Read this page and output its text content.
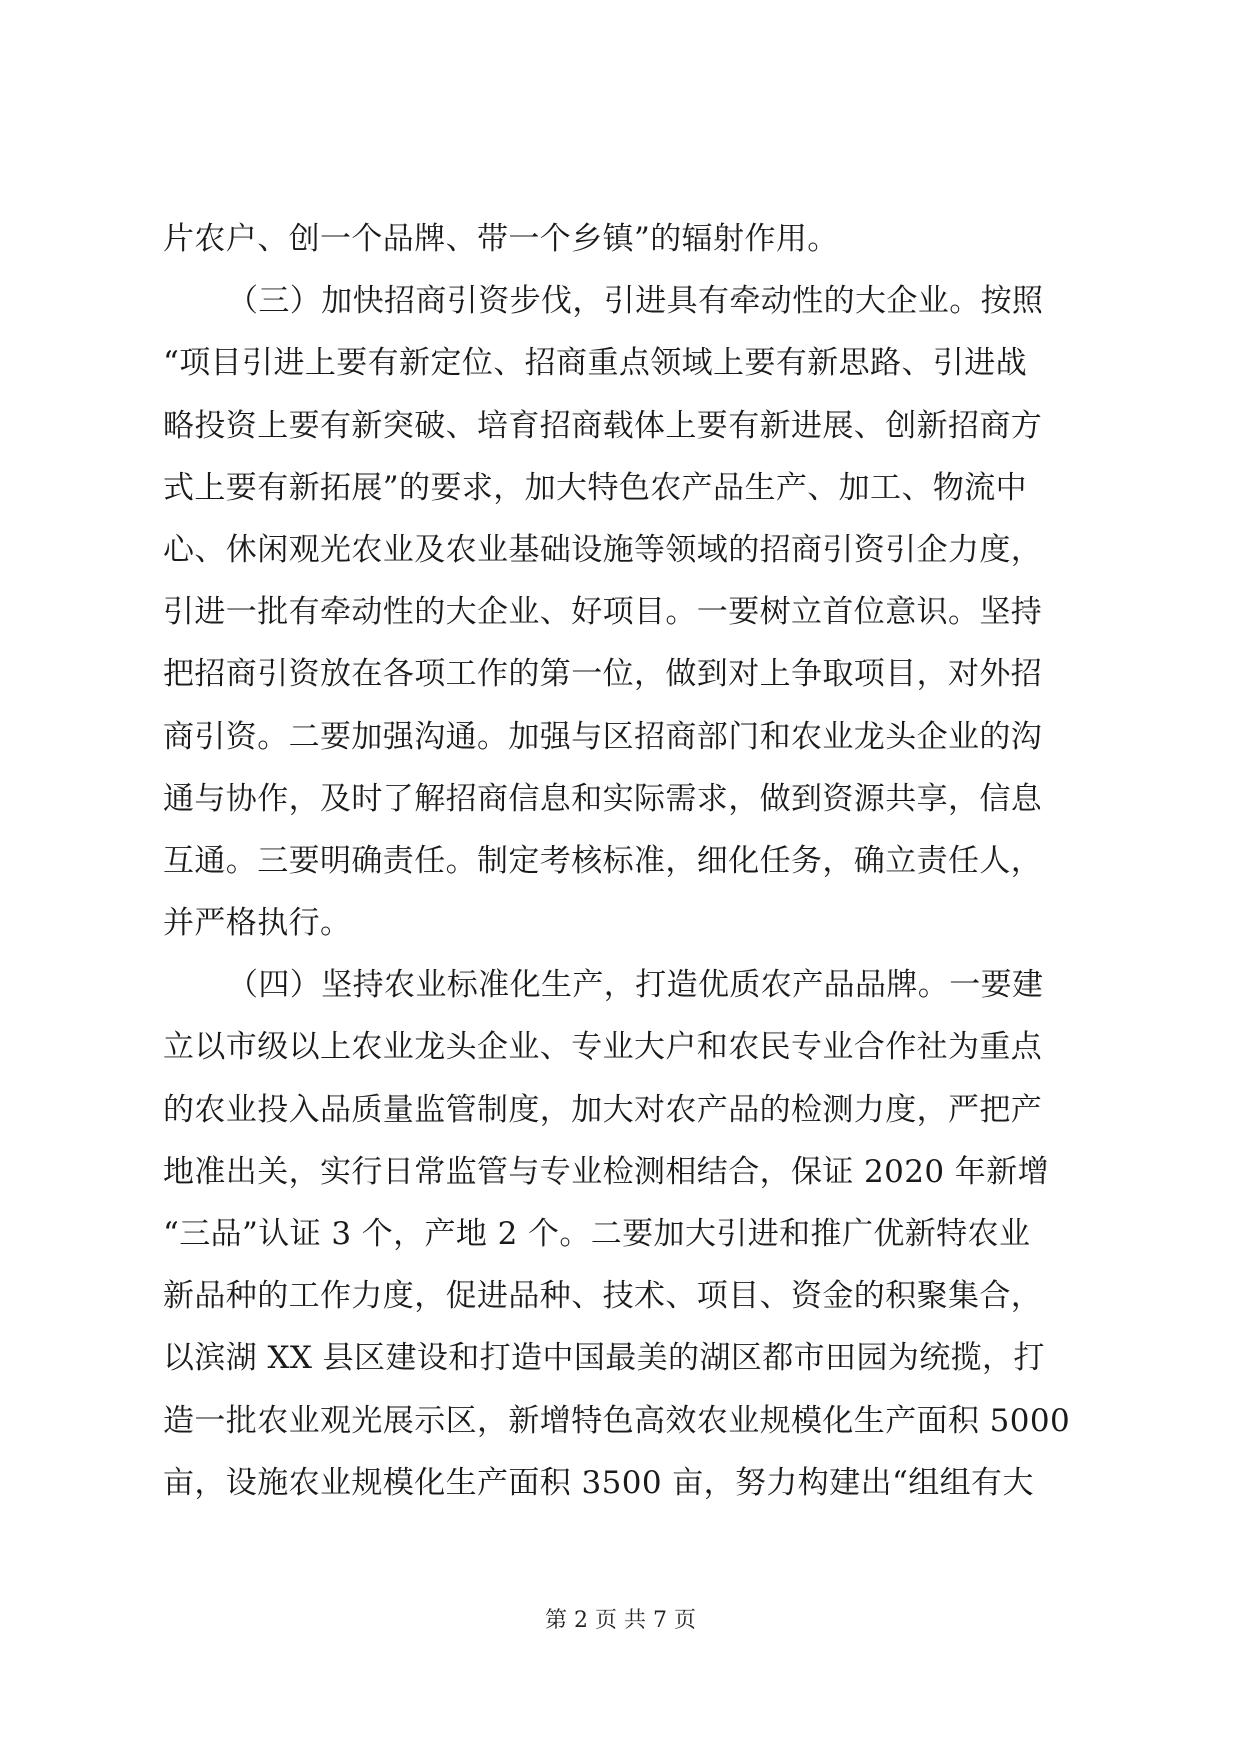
片农户、创一个品牌、带一个乡镇”的辐射作用。
（三）加快招商引资步伐，引进具有牵动性的大企业。按照
“项目引进上要有新定位、招商重点领域上要有新思路、引进战
略投资上要有新突破、培育招商载体上要有新进展、创新招商方
式上要有新拓展”的要求，加大特色农产品生产、加工、物流中
心、休闲观光农业及农业基础设施等领域的招商引资引企力度，
引进一批有牵动性的大企业、好项目。一要树立首位意识。坚持
把招商引资放在各项工作的第一位，做到对上争取项目，对外招
商引资。二要加强沟通。加强与区招商部门和农业龙头企业的沟
通与协作，及时了解招商信息和实际需求，做到资源共享，信息
互通。三要明确责任。制定考核标准，细化任务，确立责任人，
并严格执行。
（四）坚持农业标准化生产，打造优质农产品品牌。一要建
立以市级以上农业龙头企业、专业大户和农民专业合作社为重点
的农业投入品质量监管制度，加大对农产品的检测力度，严把产
地准出关，实行日常监管与专业检测相结合，保证 2020 年新增
“三品”认证 3 个，产地 2 个。二要加大引进和推广优新特农业
新品种的工作力度，促进品种、技术、项目、资金的积聚集合，
以滨湖 XX 县区建设和打造中国最美的湖区都市田园为统揽，打
造一批农业观光展示区，新增特色高效农业规模化生产面积 5000
亩，设施农业规模化生产面积 3500 亩，努力构建出“组组有大
第 2 页 共 7 页
